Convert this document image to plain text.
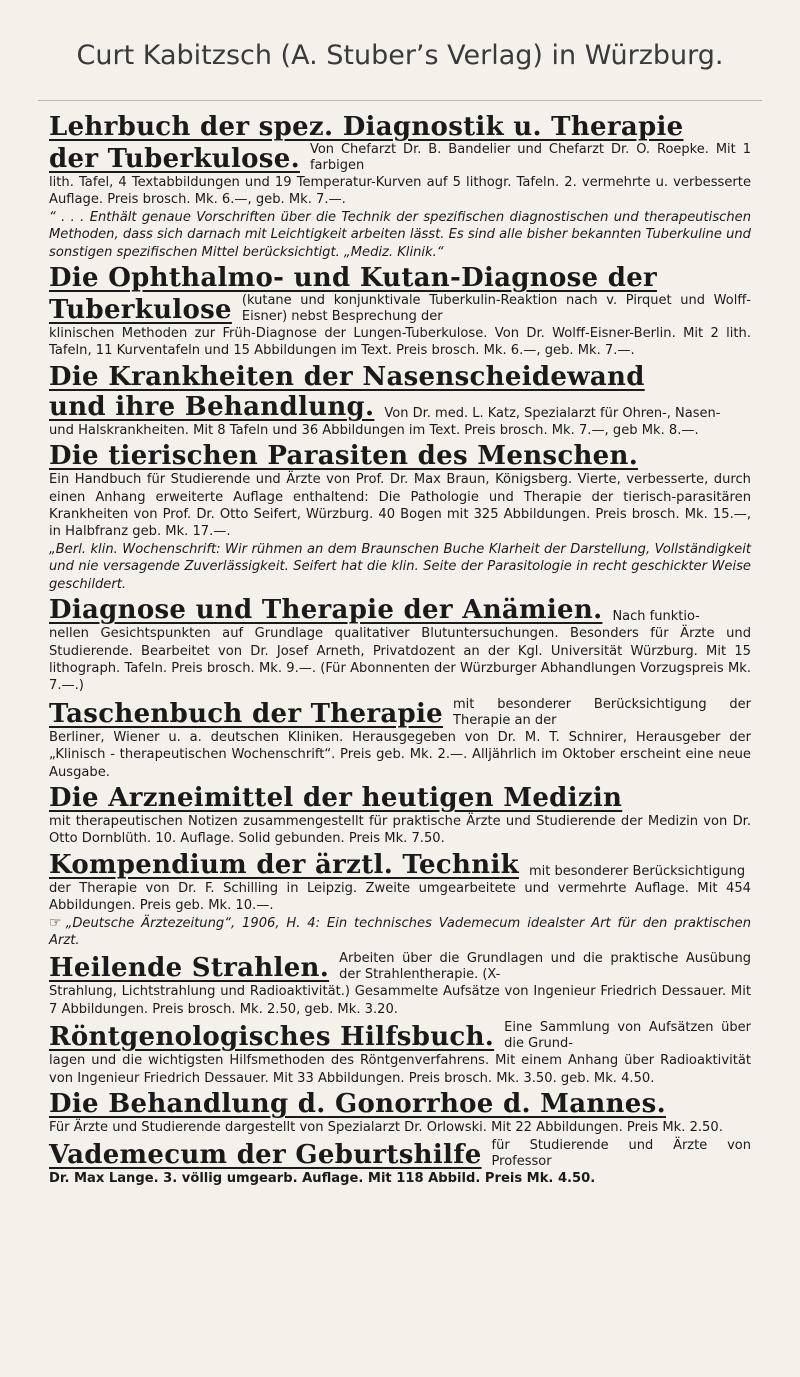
Curt Kabitzsch (A. Stuber’s Verlag) in Würzburg.
Lehrbuch der spez. Diagnostik u. Therapie
der Tuberkulose. Von Chefarzt Dr. B. Bandelier und Chefarzt Dr. O. Roepke. Mit 1 farbigen

lith. Tafel, 4 Textabbildungen und 19 Temperatur-Kurven auf 5 lithogr. Tafeln. 2. vermehrte u. verbesserte Auflage. Preis brosch. Mk. 6.—, geb. Mk. 7.—.

“ . . . Enthält genaue Vorschriften über die Technik der spezifischen diagnostischen und therapeutischen Methoden, dass sich darnach mit Leichtigkeit arbeiten lässt. Es sind alle bisher bekannten Tuberkuline und sonstigen spezifischen Mittel berücksichtigt. „Mediz. Klinik.“

Die Ophthalmo- und Kutan-Diagnose der
Tuberkulose (kutane und konjunktivale Tuberkulin-Reaktion nach v. Pirquet und Wolff-Eisner) nebst Besprechung der

klinischen Methoden zur Früh-Diagnose der Lungen-Tuberkulose. Von Dr. Wolff-Eisner-Berlin. Mit 2 lith. Tafeln, 11 Kurventafeln und 15 Abbildungen im Text. Preis brosch. Mk. 6.—, geb. Mk. 7.—.

Die Krankheiten der Nasenscheidewand
und ihre Behandlung. Von Dr. med. L. Katz, Spezialarzt für Ohren-, Nasen-

und Halskrankheiten. Mit 8 Tafeln und 36 Abbildungen im Text. Preis brosch. Mk. 7.—, geb Mk. 8.—.

Die tierischen Parasiten des Menschen.

Ein Handbuch für Studierende und Ärzte von Prof. Dr. Max Braun, Königsberg. Vierte, verbesserte, durch einen Anhang erweiterte Auflage enthaltend: Die Pathologie und Therapie der tierisch-parasitären Krankheiten von Prof. Dr. Otto Seifert, Würzburg. 40 Bogen mit 325 Abbildungen. Preis brosch. Mk. 15.—, in Halbfranz geb. Mk. 17.—.

„Berl. klin. Wochenschrift: Wir rühmen an dem Braunschen Buche Klarheit der Darstellung, Vollständigkeit und nie versagende Zuverlässigkeit. Seifert hat die klin. Seite der Parasitologie in recht geschickter Weise geschildert.

Diagnose und Therapie der Anämien. Nach funktio-

nellen Gesichtspunkten auf Grundlage qualitativer Blutuntersuchungen. Besonders für Ärzte und Studierende. Bearbeitet von Dr. Josef Arneth, Privatdozent an der Kgl. Universität Würzburg. Mit 15 lithograph. Tafeln. Preis brosch. Mk. 9.—. (Für Abonnenten der Würzburger Abhandlungen Vorzugspreis Mk. 7.—.)

Taschenbuch der Therapie mit besonderer Berücksichtigung der Therapie an der

Berliner, Wiener u. a. deutschen Kliniken. Herausgegeben von Dr. M. T. Schnirer, Herausgeber der „Klinisch - therapeutischen Wochenschrift“. Preis geb. Mk. 2.—. Alljährlich im Oktober erscheint eine neue Ausgabe.

Die Arzneimittel der heutigen Medizin

mit therapeutischen Notizen zusammengestellt für praktische Ärzte und Studierende der Medizin von Dr. Otto Dornblüth. 10. Auflage. Solid gebunden. Preis Mk. 7.50.

Kompendium der ärztl. Technik mit besonderer Berücksichtigung

der Therapie von Dr. F. Schilling in Leipzig. Zweite umgearbeitete und vermehrte Auflage. Mit 454 Abbildungen. Preis geb. Mk. 10.—.

☞ „Deutsche Ärztezeitung“, 1906, H. 4: Ein technisches Vademecum idealster Art für den praktischen Arzt.

Heilende Strahlen. Arbeiten über die Grundlagen und die praktische Ausübung der Strahlentherapie. (X-

Strahlung, Lichtstrahlung und Radioaktivität.) Gesammelte Aufsätze von Ingenieur Friedrich Dessauer. Mit 7 Abbildungen. Preis brosch. Mk. 2.50, geb. Mk. 3.20.

Röntgenologisches Hilfsbuch. Eine Sammlung von Aufsätzen über die Grund-

lagen und die wichtigsten Hilfsmethoden des Röntgenverfahrens. Mit einem Anhang über Radioaktivität von Ingenieur Friedrich Dessauer. Mit 33 Abbildungen. Preis brosch. Mk. 3.50. geb. Mk. 4.50.

Die Behandlung d. Gonorrhoe d. Mannes.

Für Ärzte und Studierende dargestellt von Spezialarzt Dr. Orlowski. Mit 22 Abbildungen. Preis Mk. 2.50.

Vademecum der Geburtshilfe für Studierende und Ärzte von Professor

Dr. Max Lange. 3. völlig umgearb. Auflage. Mit 118 Abbild. Preis Mk. 4.50.
